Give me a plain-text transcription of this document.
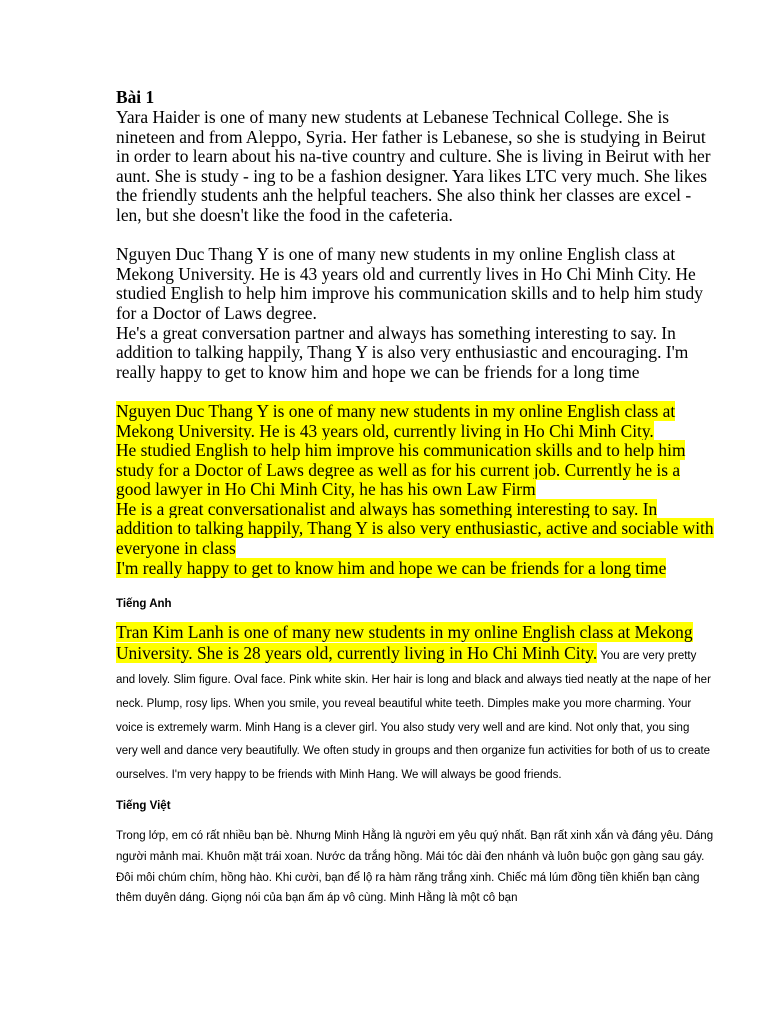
Bài 1

Yara Haider is one of many new students at Lebanese Technical College. She is nineteen and from Aleppo, Syria. Her father is Lebanese, so she is studying in Beirut in order to learn about his na-tive country and culture. She is living in Beirut with her aunt. She is study - ing to be a fashion designer. Yara likes LTC very much. She likes the friendly students anh the helpful teachers. She also think her classes are excel -len, but she doesn't like the food in the cafeteria.

Nguyen Duc Thang Y is one of many new students in my online English class at Mekong University. He is 43 years old and currently lives in Ho Chi Minh City. He studied English to help him improve his communication skills and to help him study for a Doctor of Laws degree.

He's a great conversation partner and always has something interesting to say. In addition to talking happily, Thang Y is also very enthusiastic and encouraging. I'm really happy to get to know him and hope we can be friends for a long time

Nguyen Duc Thang Y is one of many new students in my online English class at Mekong University. He is 43 years old, currently living in Ho Chi Minh City.

He studied English to help him improve his communication skills and to help him study for a Doctor of Laws degree as well as for his current job. Currently he is a good lawyer in Ho Chi Minh City, he has his own Law Firm

He is a great conversationalist and always has something interesting to say. In addition to talking happily, Thang Y is also very enthusiastic, active and sociable with everyone in class

I'm really happy to get to know him and hope we can be friends for a long time

Tiếng Anh

Tran Kim Lanh is one of many new students in my online English class at Mekong University. She is 28 years old, currently living in Ho Chi Minh City. You are very pretty and lovely. Slim figure. Oval face. Pink white skin. Her hair is long and black and always tied neatly at the nape of her neck. Plump, rosy lips. When you smile, you reveal beautiful white teeth. Dimples make you more charming. Your voice is extremely warm. Minh Hang is a clever girl. You also study very well and are kind. Not only that, you sing very well and dance very beautifully. We often study in groups and then organize fun activities for both of us to create ourselves. I'm very happy to be friends with Minh Hang. We will always be good friends.

Tiếng Việt

Trong lớp, em có rất nhiều bạn bè. Nhưng Minh Hằng là người em yêu quý nhất. Bạn rất xinh xắn và đáng yêu. Dáng người mảnh mai. Khuôn mặt trái xoan. Nước da trắng hồng. Mái tóc dài đen nhánh và luôn buộc gọn gàng sau gáy. Đôi môi chúm chím, hồng hào. Khi cười, bạn để lộ ra hàm răng trắng xinh. Chiếc má lúm đồng tiền khiến bạn càng thêm duyên dáng. Giọng nói của bạn ấm áp vô cùng. Minh Hằng là một cô bạn
